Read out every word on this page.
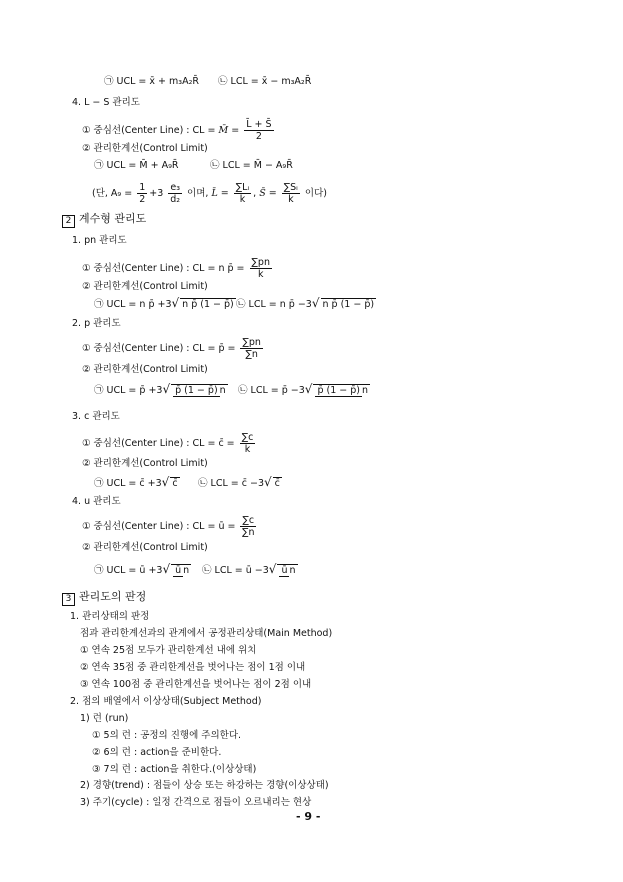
㉠ UCL = x̄ + m₃A₂R̄ ㉡ LCL = x̄ − m₃A₂R̄
4. L − S 관리도
① 중심선(Center Line) : CL = M̄ = $\frac{L̄ + S̄}{2}$
② 관리한계선(Control Limit)
㉠ UCL = M̄ + A₉R̄	㉡ LCL = M̄ − A₉R̄
(단, $A_9 = \frac{1}{2} +3 \frac{\text{e₃}}{\text{d₂}}$ 이며, L̄ = $\frac{\text{∑Lᵢ}}{k}$ , S̄ = $\frac{\text{∑Sᵢ}}{k}$ 이다)
2 계수형 관리도
1. pn 관리도
① 중심선(Center Line) : CL = n p̄ = $\frac{\sum pn}{k}$
② 관리한계선(Control Limit)
㉠ UCL = n p̄ +3√ n p̄ (1 − p̄) ㉡ LCL = n p̄ −3√ n p̄ (1 − p̄)
2. p 관리도
① 중심선(Center Line) : CL = p̄ = $\frac{\sum pn}{\sum n}$
② 관리한계선(Control Limit)
㉠ UCL = p̄ +3√ p̄ (1 − p̄) n	㉡ LCL = p̄ −3√ p̄ (1 − p̄) n
3. c 관리도
① 중심선(Center Line) : CL = c̄ = $\frac{\sum c}{k}$
② 관리한계선(Control Limit)
㉠ UCL = c̄ +3√ c̄ ㉡ LCL = c̄ −3√ c̄
4. u 관리도
① 중심선(Center Line) : CL = ū = $\frac{\sum c}{\sum n}$
② 관리한계선(Control Limit)
㉠ UCL = ū +3√ ū n	㉡ LCL = ū −3√ ū n
3 관리도의 판정
1. 관리상태의 판정
점과 관리한계선과의 관계에서 공정관리상태(Main Method)
① 연속 25점 모두가 관리한계선 내에 위치
② 연속 35점 중 관리한계선을 벗어나는 점이 1점 이내
③ 연속 100점 중 관리한계선을 벗어나는 점이 2점 이내
2. 점의 배열에서 이상상태(Subject Method)
1) 런 (run)
① 5의 런 : 공정의 진행에 주의한다.
② 6의 런 : action을 준비한다.
③ 7의 런 : action을 취한다.(이상상태)
2) 경향(trend) : 점들이 상승 또는 하강하는 경향(이상상태)
3) 주기(cycle) : 일정 간격으로 점들이 오르내리는 현상
- 9 -
